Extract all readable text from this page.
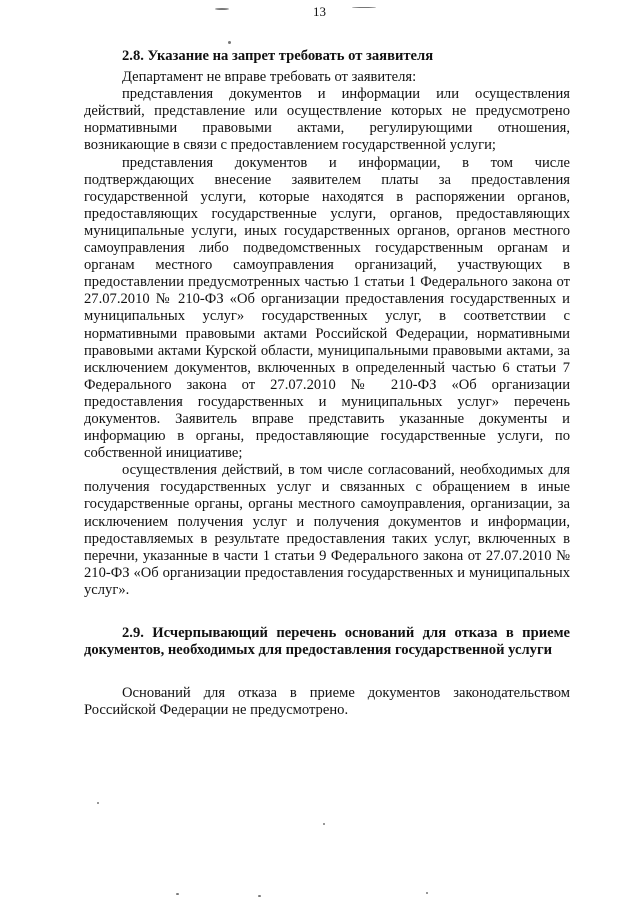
13

2.8. Указание на запрет требовать от заявителя

Департамент не вправе требовать от заявителя:

представления документов и информации или осуществления действий, представление или осуществление которых не предусмотрено нормативными правовыми актами, регулирующими отношения, возникающие в связи с предоставлением государственной услуги;

представления документов и информации, в том числе подтверждающих внесение заявителем платы за предоставления государственной услуги, которые находятся в распоряжении органов, предоставляющих государственные услуги, органов, предоставляющих муниципальные услуги, иных государственных органов, органов местного самоуправления либо подведомственных государственным органам и органам местного самоуправления организаций, участвующих в предоставлении предусмотренных частью 1 статьи 1 Федерального закона от 27.07.2010 № 210-ФЗ «Об организации предоставления государственных и муниципальных услуг» государственных услуг, в соответствии с нормативными правовыми актами Российской Федерации, нормативными правовыми актами Курской области, муниципальными правовыми актами, за исключением документов, включенных в определенный частью 6 статьи 7 Федерального закона от 27.07.2010 № 210-ФЗ «Об организации предоставления государственных и муниципальных услуг» перечень документов. Заявитель вправе представить указанные документы и информацию в органы, предоставляющие государственные услуги, по собственной инициативе;

осуществления действий, в том числе согласований, необходимых для получения государственных услуг и связанных с обращением в иные государственные органы, органы местного самоуправления, организации, за исключением получения услуг и получения документов и информации, предоставляемых в результате предоставления таких услуг, включенных в перечни, указанные в части 1 статьи 9 Федерального закона от 27.07.2010 № 210-ФЗ «Об организации предоставления государственных и муниципальных услуг».

2.9. Исчерпывающий перечень оснований для отказа в приеме документов, необходимых для предоставления государственной услуги

Оснований для отказа в приеме документов законодательством Российской Федерации не предусмотрено.
